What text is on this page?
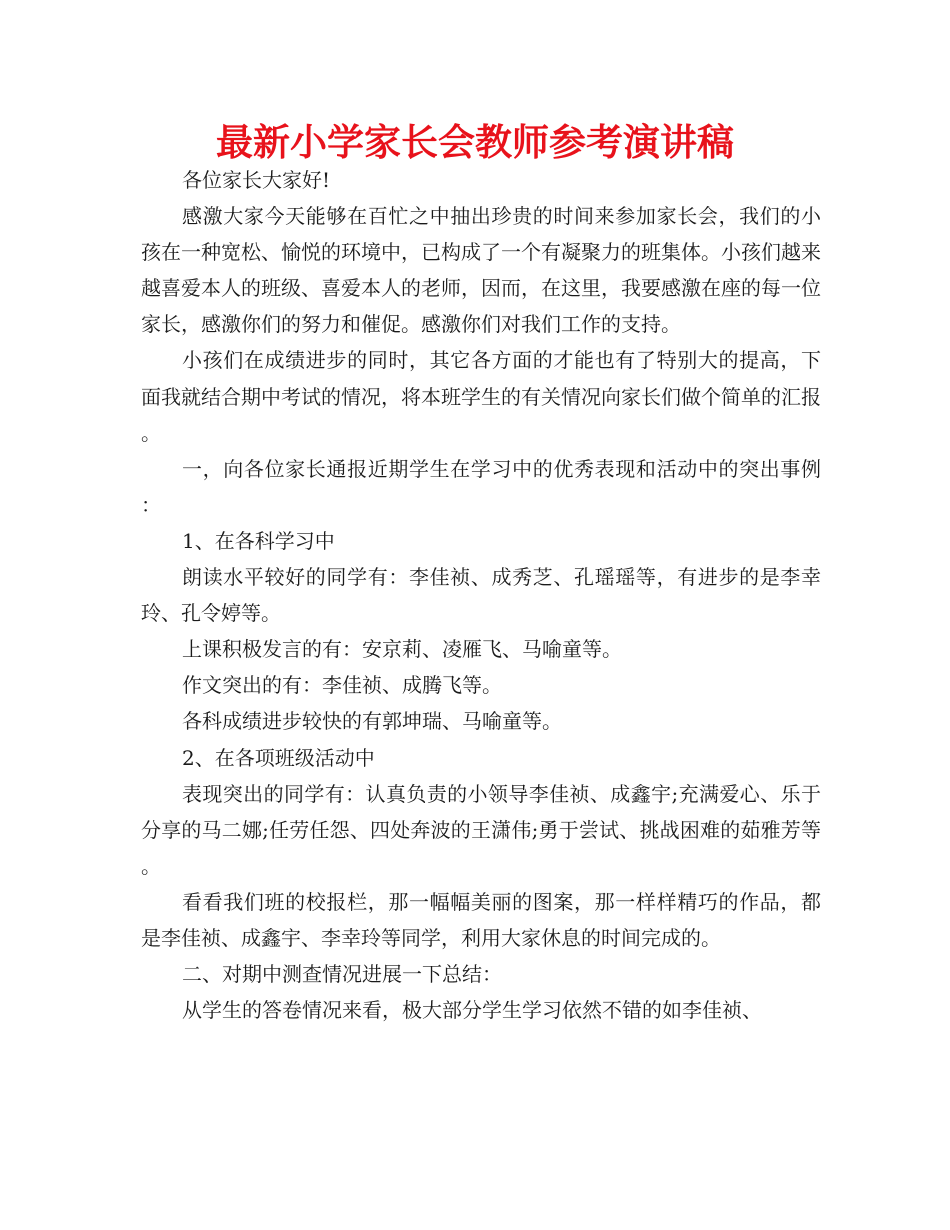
最新小学家长会教师参考演讲稿

各位家长大家好!

感激大家今天能够在百忙之中抽出珍贵的时间来参加家长会，我们的小孩在一种宽松、愉悦的环境中，已构成了一个有凝聚力的班集体。小孩们越来越喜爱本人的班级、喜爱本人的老师，因而，在这里，我要感激在座的每一位家长，感激你们的努力和催促。感激你们对我们工作的支持。

小孩们在成绩进步的同时，其它各方面的才能也有了特别大的提高，下面我就结合期中考试的情况，将本班学生的有关情况向家长们做个简单的汇报。

一，向各位家长通报近期学生在学习中的优秀表现和活动中的突出事例：

1、在各科学习中

朗读水平较好的同学有：李佳祯、成秀芝、孔瑶瑶等，有进步的是李幸玲、孔令婷等。

上课积极发言的有：安京莉、凌雁飞、马喻童等。

作文突出的有：李佳祯、成腾飞等。

各科成绩进步较快的有郭坤瑞、马喻童等。

2、在各项班级活动中

表现突出的同学有：认真负责的小领导李佳祯、成鑫宇;充满爱心、乐于分享的马二娜;任劳任怨、四处奔波的王潇伟;勇于尝试、挑战困难的茹雅芳等。

看看我们班的校报栏，那一幅幅美丽的图案，那一样样精巧的作品，都是李佳祯、成鑫宇、李幸玲等同学，利用大家休息的时间完成的。

二、对期中测查情况进展一下总结：

从学生的答卷情况来看，极大部分学生学习依然不错的如李佳祯、
